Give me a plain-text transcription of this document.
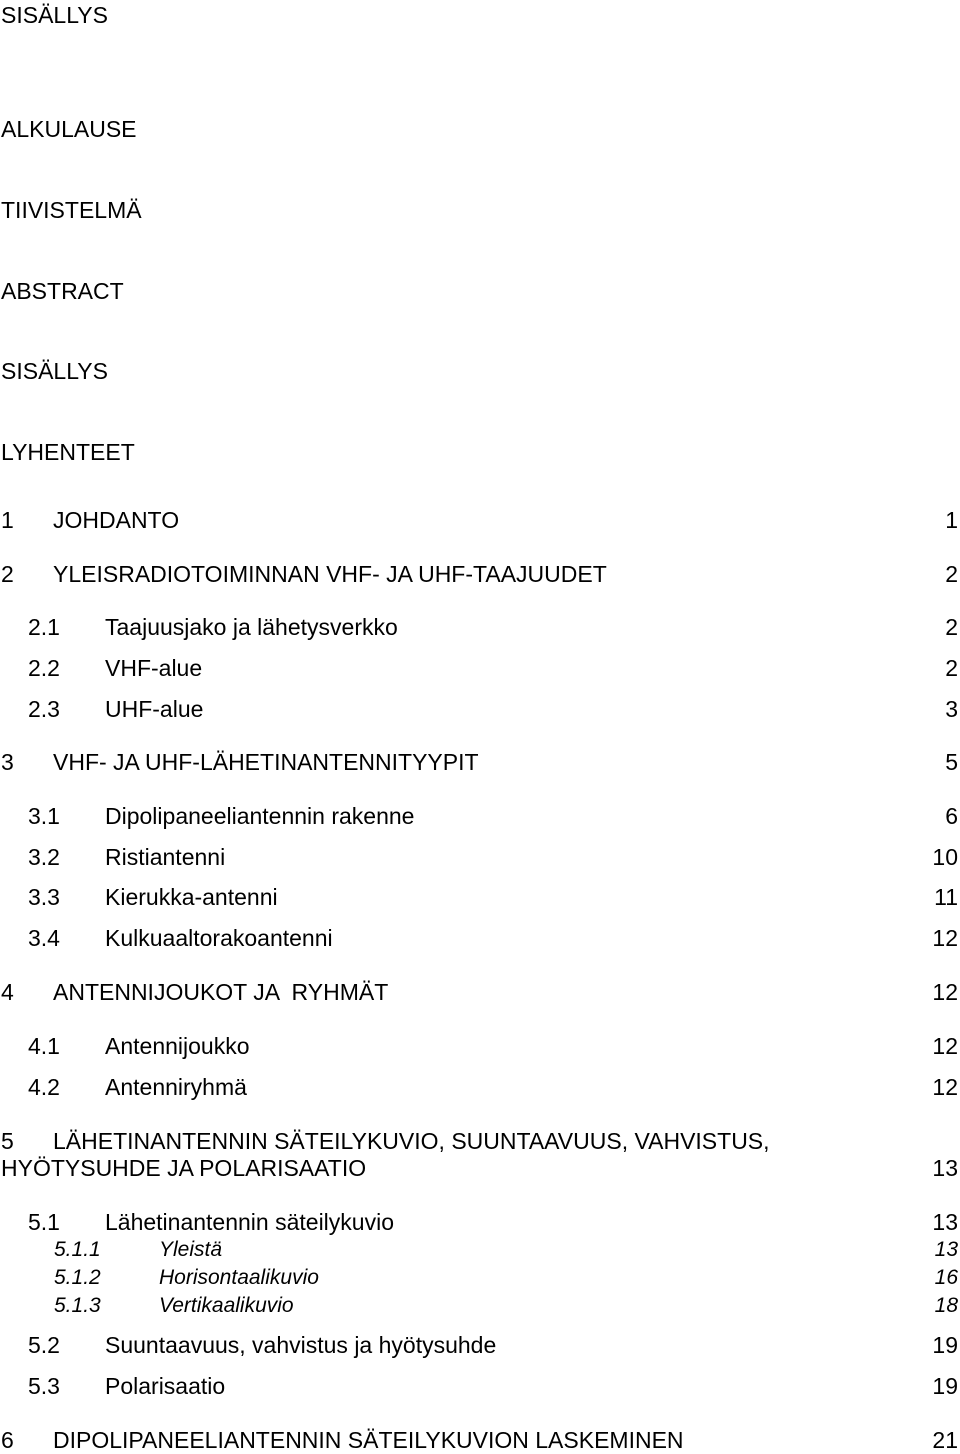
SISÄLLYS
ALKULAUSE
TIIVISTELMÄ
ABSTRACT
SISÄLLYS
LYHENTEET
1 JOHDANTO	1
2 YLEISRADIOTOIMINNAN VHF- JA UHF-TAAJUUDET	2
2.1 Taajuusjako ja lähetysverkko	2
2.2 VHF-alue	2
2.3 UHF-alue	3
3 VHF- JA UHF-LÄHETINANTENNITYYPIT	5
3.1 Dipolipaneeliantennin rakenne	6
3.2 Ristiantenni	10
3.3 Kierukka-antenni	11
3.4 Kulkuaaltorakoantenni	12
4 ANTENNIJOUKOT JA  RYHMÄT	12
4.1 Antennijoukko	12
4.2 Antenniryhmä	12
5 LÄHETINANTENNIN SÄTEILYKUVIO, SUUNTAAVUUS, VAHVISTUS,
HYÖTYSUHDE JA POLARISAATIO	13
5.1 Lähetinantennin säteilykuvio	13
5.1.1	Yleistä	13
5.1.2	Horisontaalikuvio	16
5.1.3	Vertikaalikuvio	18
5.2 Suuntaavuus, vahvistus ja hyötysuhde	19
5.3 Polarisaatio	19
6 DIPOLIPANEELIANTENNIN SÄTEILYKUVION LASKEMINEN	21
